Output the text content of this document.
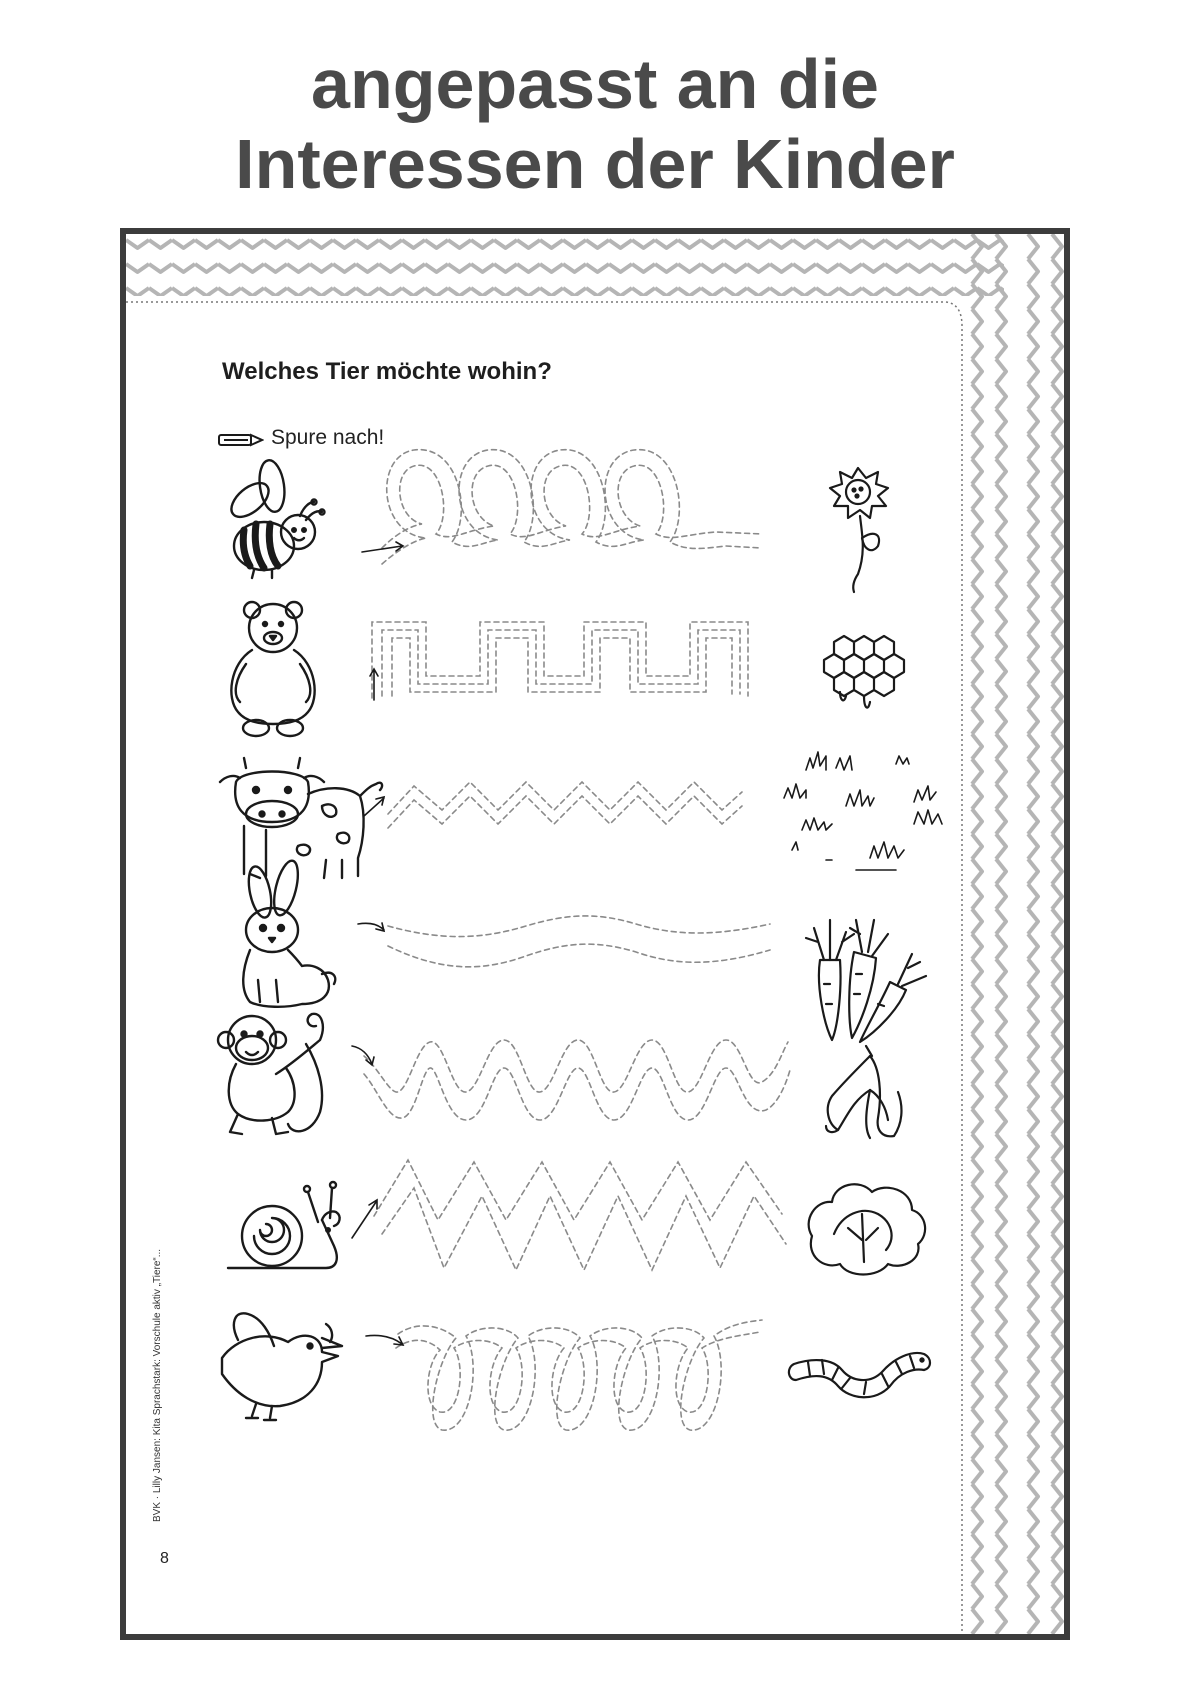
angepasst an die
Interessen der Kinder
Welches Tier möchte wohin?
Spure nach!
BVK · Lilly Jansen: Kita Sprachstark: Vorschule aktiv „Tiere“...
8
